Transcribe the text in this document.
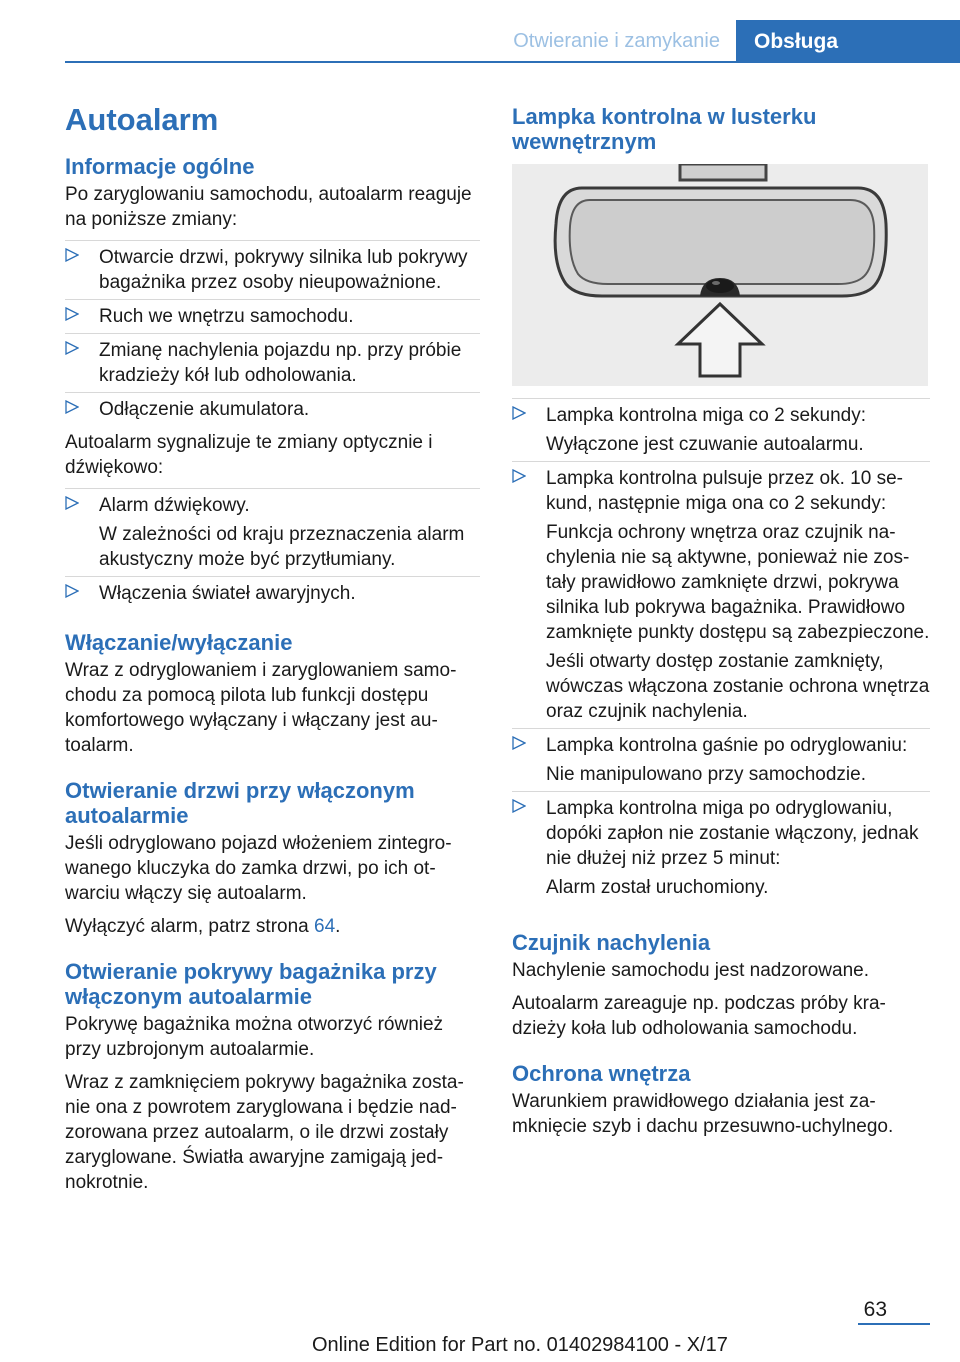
Otwieranie i zamykanie	Obsługa
Autoalarm
Informacje ogólne

Po zaryglowaniu samochodu, autoalarm reaguje na poniższe zmiany:

Otwarcie drzwi, pokrywy silnika lub pokrywy bagażnika przez osoby nieupoważnione.
Ruch we wnętrzu samochodu.
Zmianę nachylenia pojazdu np. przy próbie kradzieży kół lub odholowania.
Odłączenie akumulatora.

Autoalarm sygnalizuje te zmiany optycznie i dźwiękowo:

Alarm dźwiękowy.
W zależności od kraju przeznaczenia alarm akustyczny może być przytłumiany.
Włączenia świateł awaryjnych.
Włączanie/wyłączanie

Wraz z odryglowaniem i zaryglowaniem samochodu za pomocą pilota lub funkcji dostępu komfortowego wyłączany i włączany jest autoalarm.

Otwieranie drzwi przy włączonym autoalarmie

Jeśli odryglowano pojazd włożeniem zintegrowanego kluczyka do zamka drzwi, po ich otwarciu włączy się autoalarm.

Wyłączyć alarm, patrz strona 64.

Otwieranie pokrywy bagażnika przy włączonym autoalarmie

Pokrywę bagażnika można otworzyć również przy uzbrojonym autoalarmie.

Wraz z zamknięciem pokrywy bagażnika zostanie ona z powrotem zaryglowana i będzie nadzorowana przez autoalarm, o ile drzwi zostały zaryglowane. Światła awaryjne zamigają jednokrotnie.

Lampka kontrolna w lusterku wewnętrznym
Lampka kontrolna miga co 2 sekundy:
Wyłączone jest czuwanie autoalarmu.
Lampka kontrolna pulsuje przez ok. 10 sekund, następnie miga ona co 2 sekundy:
Funkcja ochrony wnętrza oraz czujnik nachylenia nie są aktywne, ponieważ nie zostały prawidłowo zamknięte drzwi, pokrywa silnika lub pokrywa bagażnika. Prawidłowo zamknięte punkty dostępu są zabezpieczone.
Jeśli otwarty dostęp zostanie zamknięty, wówczas włączona zostanie ochrona wnętrza oraz czujnik nachylenia.
Lampka kontrolna gaśnie po odryglowaniu:
Nie manipulowano przy samochodzie.
Lampka kontrolna miga po odryglowaniu, dopóki zapłon nie zostanie włączony, jednak nie dłużej niż przez 5 minut:
Alarm został uruchomiony.
Czujnik nachylenia

Nachylenie samochodu jest nadzorowane.

Autoalarm zareaguje np. podczas próby kradzieży koła lub odholowania samochodu.

Ochrona wnętrza

Warunkiem prawidłowego działania jest zamknięcie szyb i dachu przesuwno-uchylnego.

63
Online Edition for Part no. 01402984100 - X/17
